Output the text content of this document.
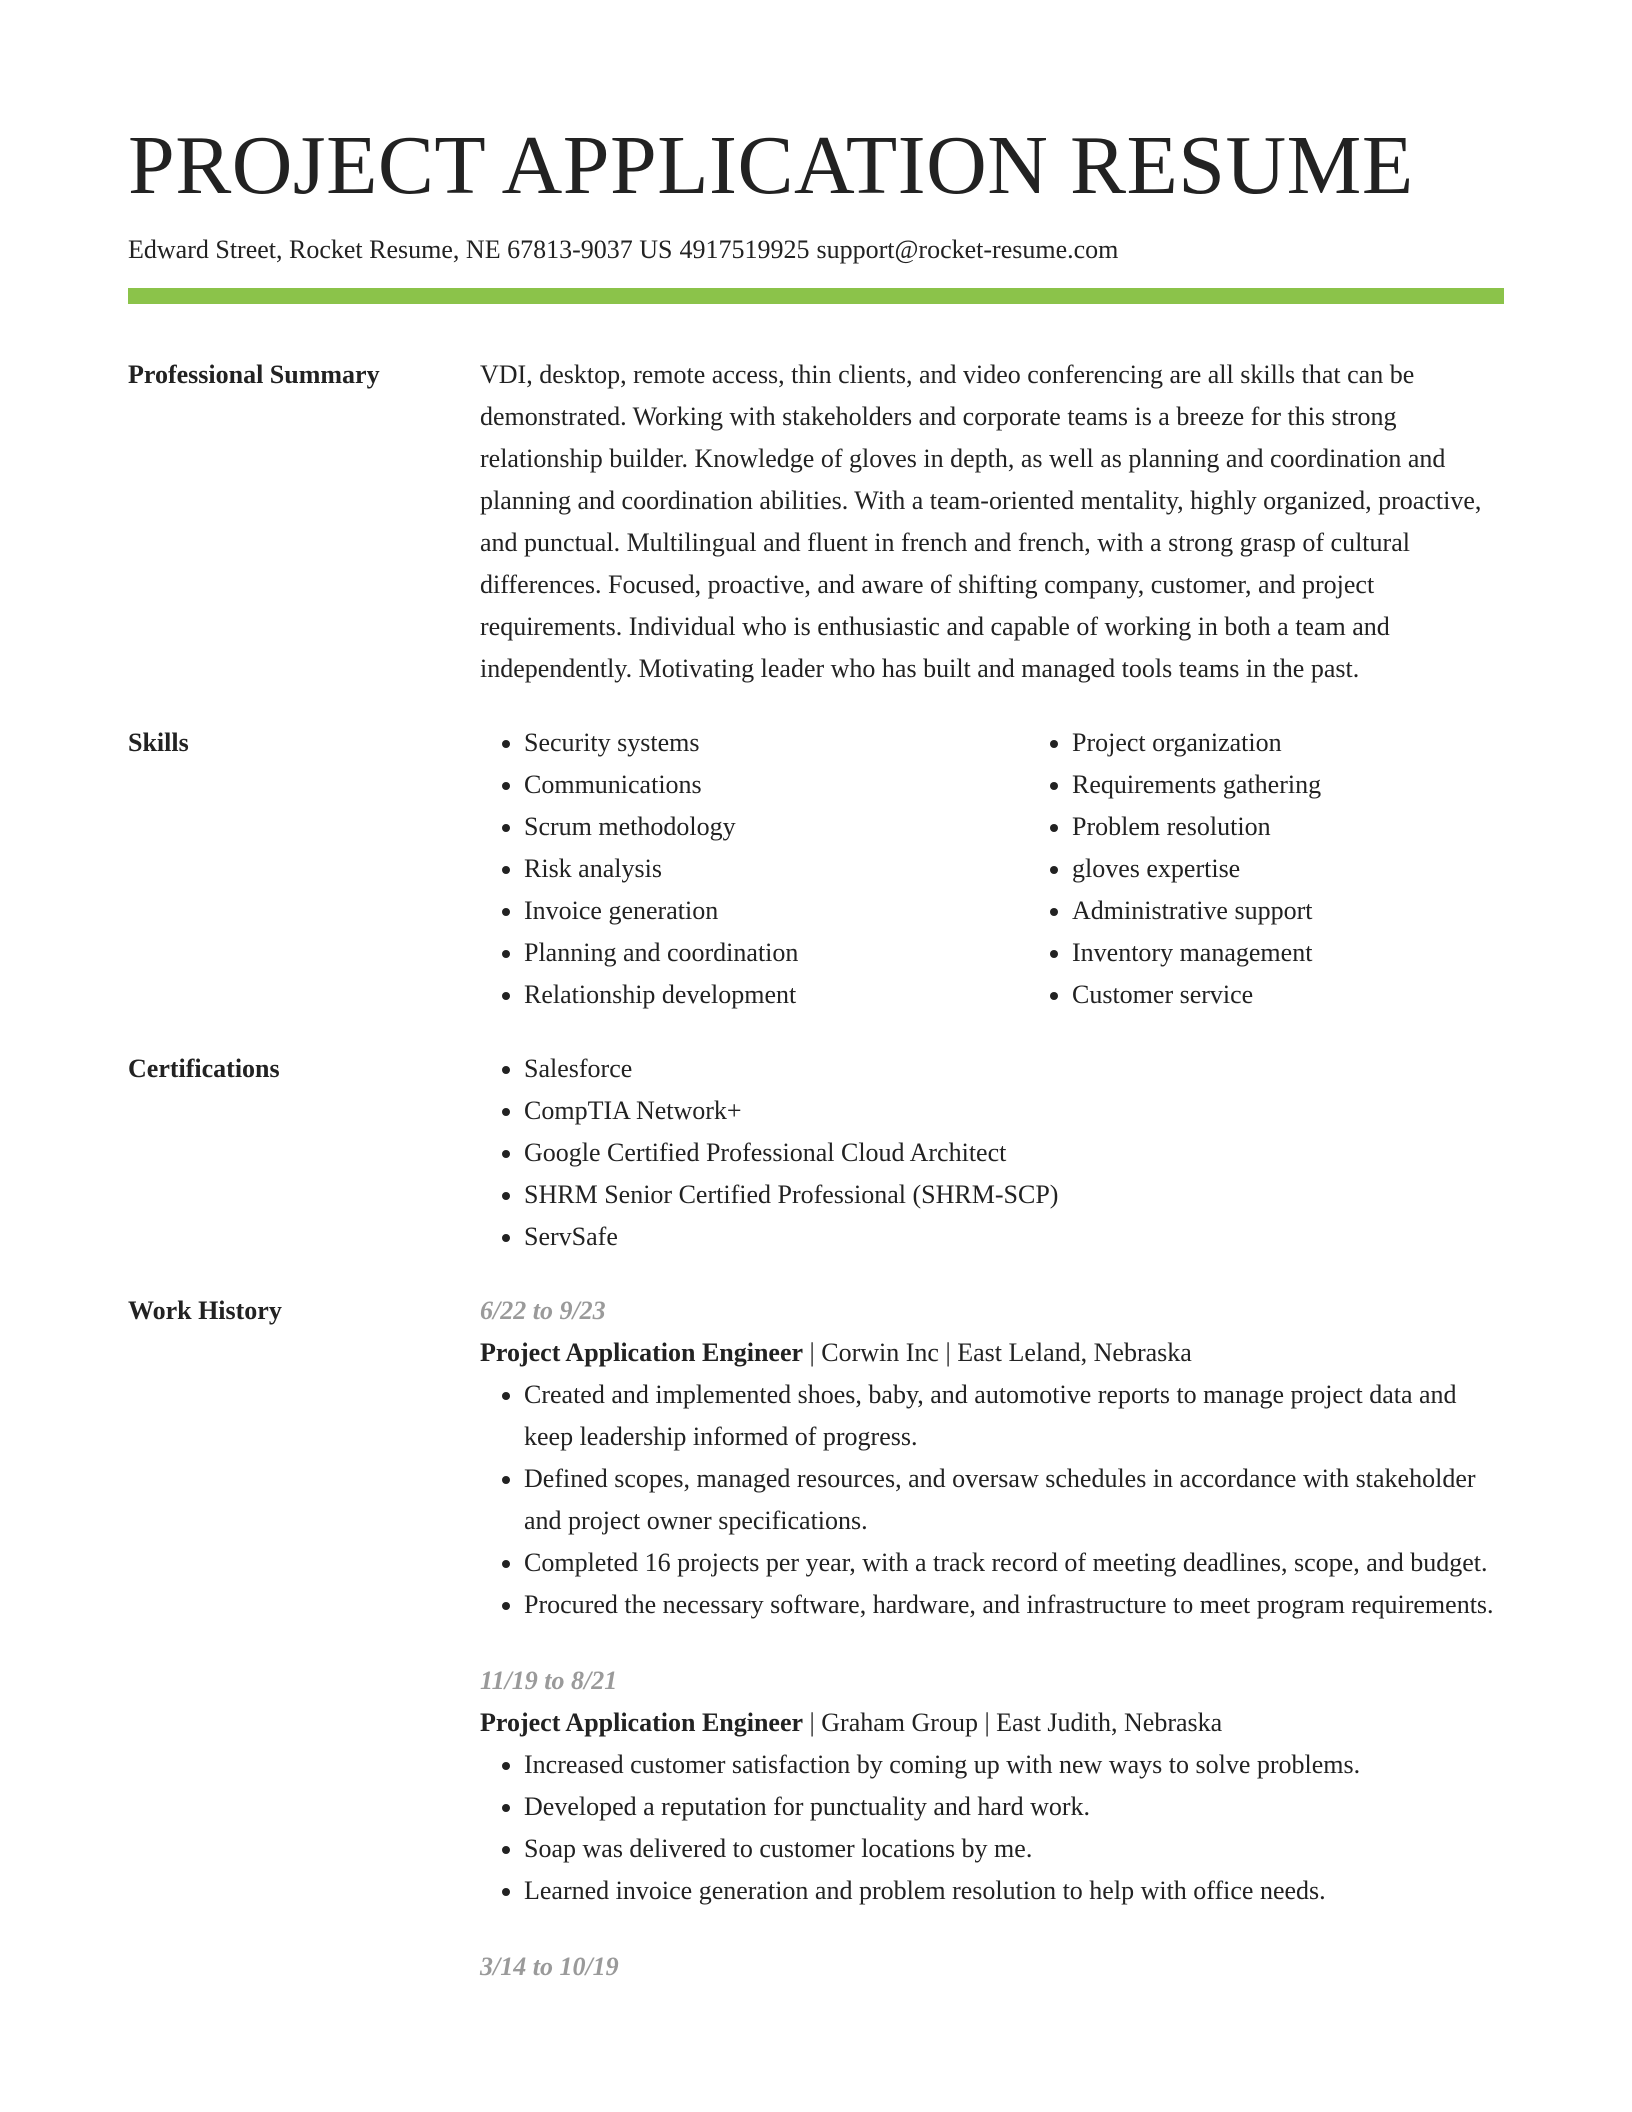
PROJECT APPLICATION RESUME
Edward Street, Rocket Resume, NE 67813-9037 US 4917519925 support@rocket-resume.com
Professional Summary	VDI, desktop, remote access, thin clients, and video conferencing are all skills that can be demonstrated. Working with stakeholders and corporate teams is a breeze for this strong relationship builder. Knowledge of gloves in depth, as well as planning and coordination and planning and coordination abilities. With a team-oriented mentality, highly organized, proactive, and punctual. Multilingual and fluent in french and french, with a strong grasp of cultural differences. Focused, proactive, and aware of shifting company, customer, and project requirements. Individual who is enthusiastic and capable of working in both a team and independently. Motivating leader who has built and managed tools teams in the past.

Skills	• Security systems
• Communications
• Scrum methodology
• Risk analysis
• Invoice generation
• Planning and coordination
• Relationship development
• Project organization
• Requirements gathering
• Problem resolution
• gloves expertise
• Administrative support
• Inventory management
• Customer service
Certifications	• Salesforce
• CompTIA Network+
• Google Certified Professional Cloud Architect
• SHRM Senior Certified Professional (SHRM-SCP)
• ServSafe
Work History	6/22 to 9/23
Project Application Engineer | Corwin Inc | East Leland, Nebraska
• Created and implemented shoes, baby, and automotive reports to manage project data and keep leadership informed of progress.
• Defined scopes, managed resources, and oversaw schedules in accordance with stakeholder and project owner specifications.
• Completed 16 projects per year, with a track record of meeting deadlines, scope, and budget.
• Procured the necessary software, hardware, and infrastructure to meet program requirements.
11/19 to 8/21
Project Application Engineer | Graham Group | East Judith, Nebraska
• Increased customer satisfaction by coming up with new ways to solve problems.
• Developed a reputation for punctuality and hard work.
• Soap was delivered to customer locations by me.
• Learned invoice generation and problem resolution to help with office needs.
3/14 to 10/19
